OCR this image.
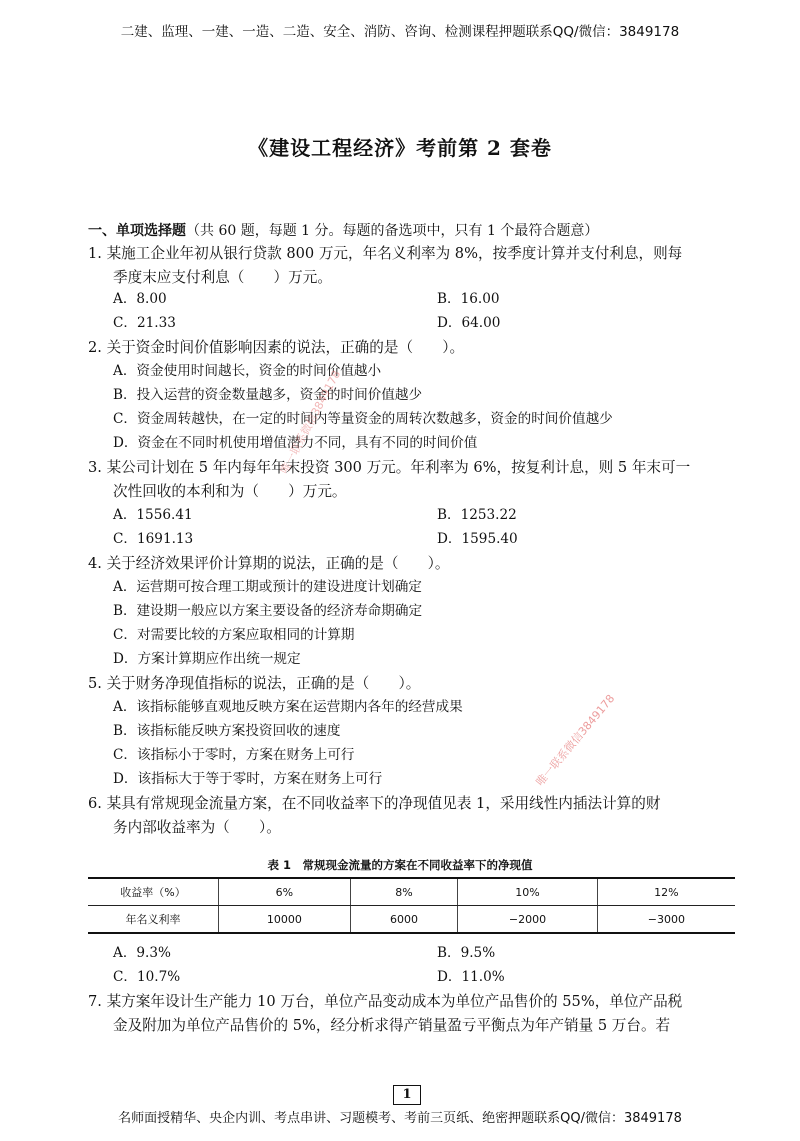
二建、监理、一建、一造、二造、安全、消防、咨询、检测课程押题联系QQ/微信：3849178
《建设工程经济》考前第 2 套卷
一、单项选择题（共 60 题，每题 1 分。每题的备选项中，只有 1 个最符合题意）
1. 某施工企业年初从银行贷款 800 万元，年名义利率为 8%，按季度计算并支付利息，则每
季度末应支付利息（　　）万元。
A．8.00	B．16.00
C．21.33	D．64.00
2. 关于资金时间价值影响因素的说法，正确的是（　　）。
A．资金使用时间越长，资金的时间价值越小
B．投入运营的资金数量越多，资金的时间价值越少
C．资金周转越快，在一定的时间内等量资金的周转次数越多，资金的时间价值越少
D．资金在不同时机使用增值潜力不同，具有不同的时间价值
3. 某公司计划在 5 年内每年年末投资 300 万元。年利率为 6%，按复利计息，则 5 年末可一
次性回收的本利和为（　　）万元。
A．1556.41	B．1253.22
C．1691.13	D．1595.40
4. 关于经济效果评价计算期的说法，正确的是（　　）。
A．运营期可按合理工期或预计的建设进度计划确定
B．建设期一般应以方案主要设备的经济寿命期确定
C．对需要比较的方案应取相同的计算期
D．方案计算期应作出统一规定
5. 关于财务净现值指标的说法，正确的是（　　）。
A．该指标能够直观地反映方案在运营期内各年的经营成果
B．该指标能反映方案投资回收的速度
C．该指标小于零时，方案在财务上可行
D．该指标大于等于零时，方案在财务上可行
6. 某具有常规现金流量方案，在不同收益率下的净现值见表 1，采用线性内插法计算的财
务内部收益率为（　　）。
表 1　常规现金流量的方案在不同收益率下的净现值
收益率（%）	6%	8%	10%	12%
年名义利率	10000	6000	−2000	−3000
A．9.3%	B．9.5%
C．10.7%	D．11.0%
7. 某方案年设计生产能力 10 万台，单位产品变动成本为单位产品售价的 55%，单位产品税
金及附加为单位产品售价的 5%，经分析求得产销量盈亏平衡点为年产销量 5 万台。若
唯一联系微信3849178
唯一联系微信3849178
1
名师面授精华、央企内训、考点串讲、习题模考、考前三页纸、绝密押题联系QQ/微信：3849178
